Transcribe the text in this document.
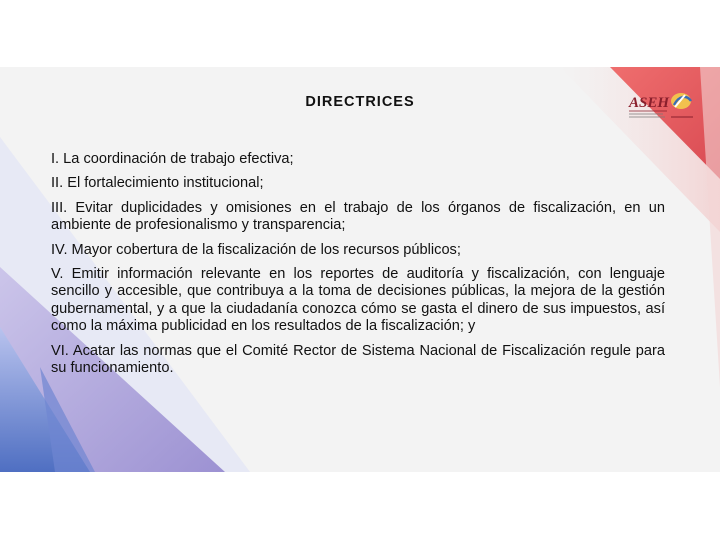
DIRECTRICES	ASEH

I. La coordinación de trabajo efectiva;

II. El fortalecimiento institucional;

III. Evitar duplicidades y omisiones en el trabajo de los órganos de fiscalización, en un ambiente de profesionalismo y transparencia;

IV. Mayor cobertura de la fiscalización de los recursos públicos;

V. Emitir información relevante en los reportes de auditoría y fiscalización, con lenguaje sencillo y accesible, que contribuya a la toma de decisiones públicas, la mejora de la gestión gubernamental, y a que la ciudadanía conozca cómo se gasta el dinero de sus impuestos, así como la máxima publicidad en los resultados de la fiscalización; y

VI. Acatar las normas que el Comité Rector de Sistema Nacional de Fiscalización regule para su funcionamiento.
